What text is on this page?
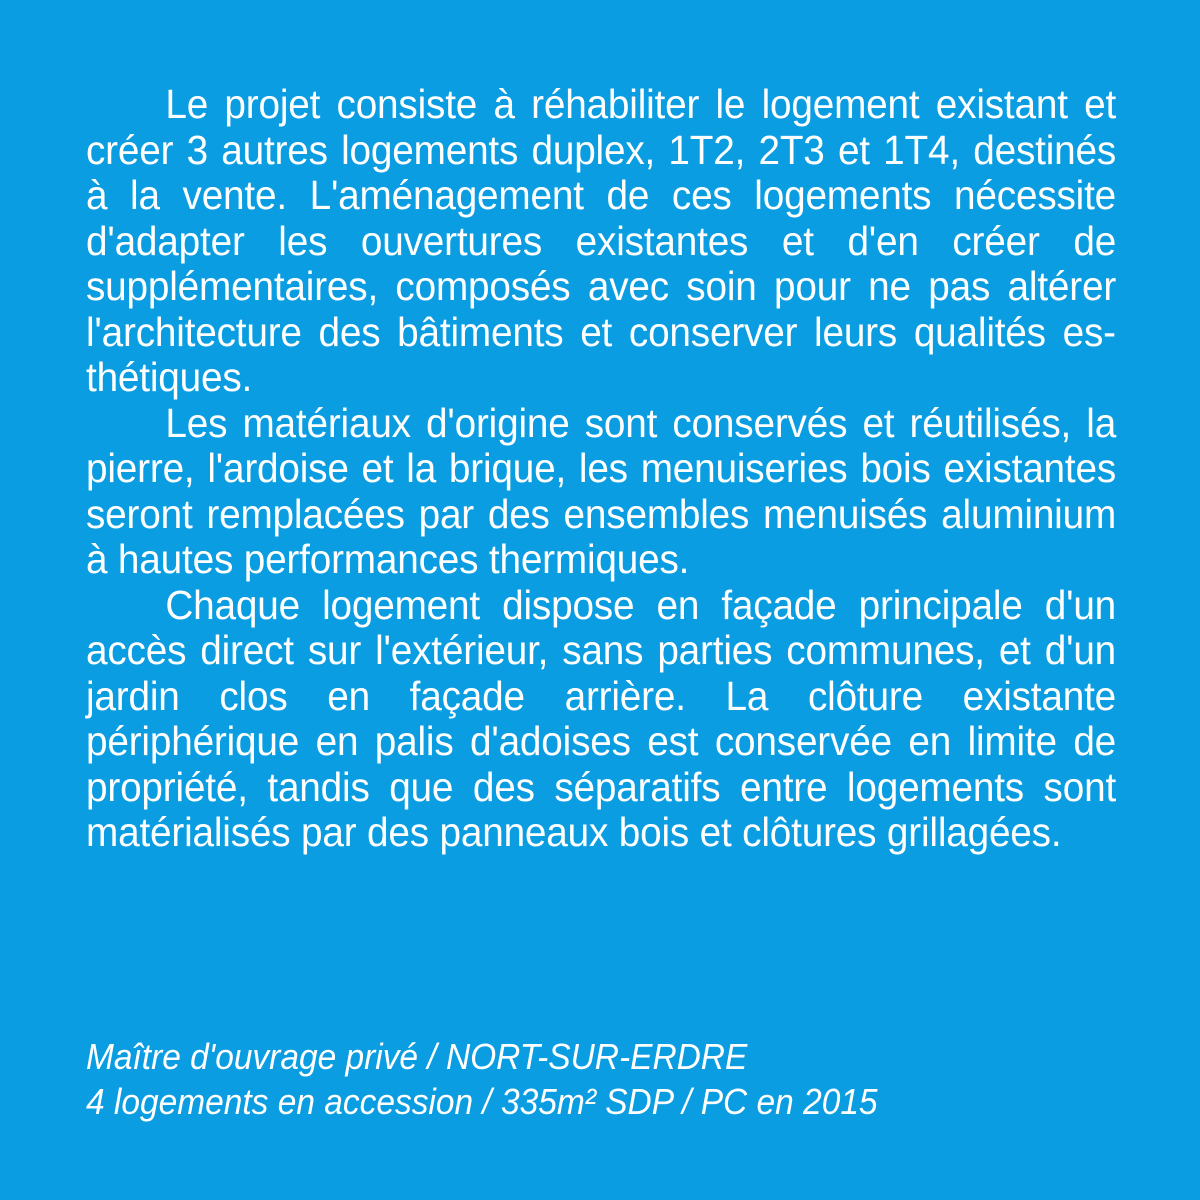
Le projet consiste à réhabiliter le logement existant et créer 3 autres logements duplex, 1T2, 2T3 et 1T4, destinés à la vente. L'aménagement de ces logements nécessite d'adapter les ouvertures existantes et d'en créer de supplémentaires, composés avec soin pour ne pas altérer l'architecture des bâtiments et conserver leurs qualités esthétiques.

Les matériaux d'origine sont conservés et réutilisés, la pierre, l'ardoise et la brique, les menuiseries bois existantes seront remplacées par des ensembles menuisés aluminium à hautes performances thermiques.

Chaque logement dispose en façade principale d'un accès direct sur l'extérieur, sans parties communes, et d'un jardin clos en façade arrière. La clôture existante périphérique en palis d'adoises est conservée en limite de propriété, tandis que des séparatifs entre logements sont matérialisés par des panneaux bois et clôtures grillagées.

Maître d'ouvrage privé / NORT-SUR-ERDRE
4 logements en accession / 335m² SDP / PC en 2015
